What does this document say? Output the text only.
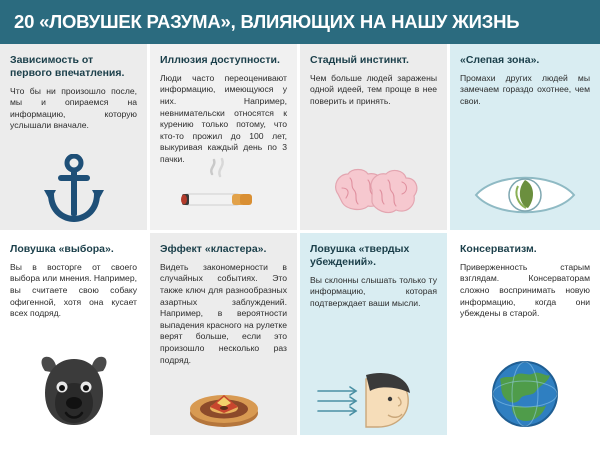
20 «ЛОВУШЕК РАЗУМА», ВЛИЯЮЩИХ НА НАШУ ЖИЗНЬ

Зависимость от первого впечатления.

Что бы ни произошло после, мы и опираемся на информацию, которую услышали вначале.

Иллюзия доступности.

Люди часто переоценивают информацию, имеющуюся у них. Например, невнимательски относятся к курению только потому, что кто-то прожил до 100 лет, выкуривая каждый день по 3 пачки.

Стадный инстинкт.

Чем больше людей заражены одной идеей, тем проще в нее поверить и принять.

«Слепая зона».

Промахи других людей мы замечаем гораздо охотнее, чем свои.

Ловушка «выбора».

Вы в восторге от своего выбора или мнения. Например, вы считаете свою собаку офигенной, хотя она кусает всех подряд.

Эффект «кластера».

Видеть закономерности в случайных событиях. Это также ключ для разнообразных азартных заблуждений. Например, в вероятности выпадения красного на рулетке верят больше, если это произошло несколько раз подряд.

Ловушка «твердых убеждений».

Вы склонны слышать только ту информацию, которая подтверждает ваши мысли.

Консерватизм.

Приверженность старым взглядам. Консерваторам сложно воспринимать новую информацию, когда они убеждены в старой.
